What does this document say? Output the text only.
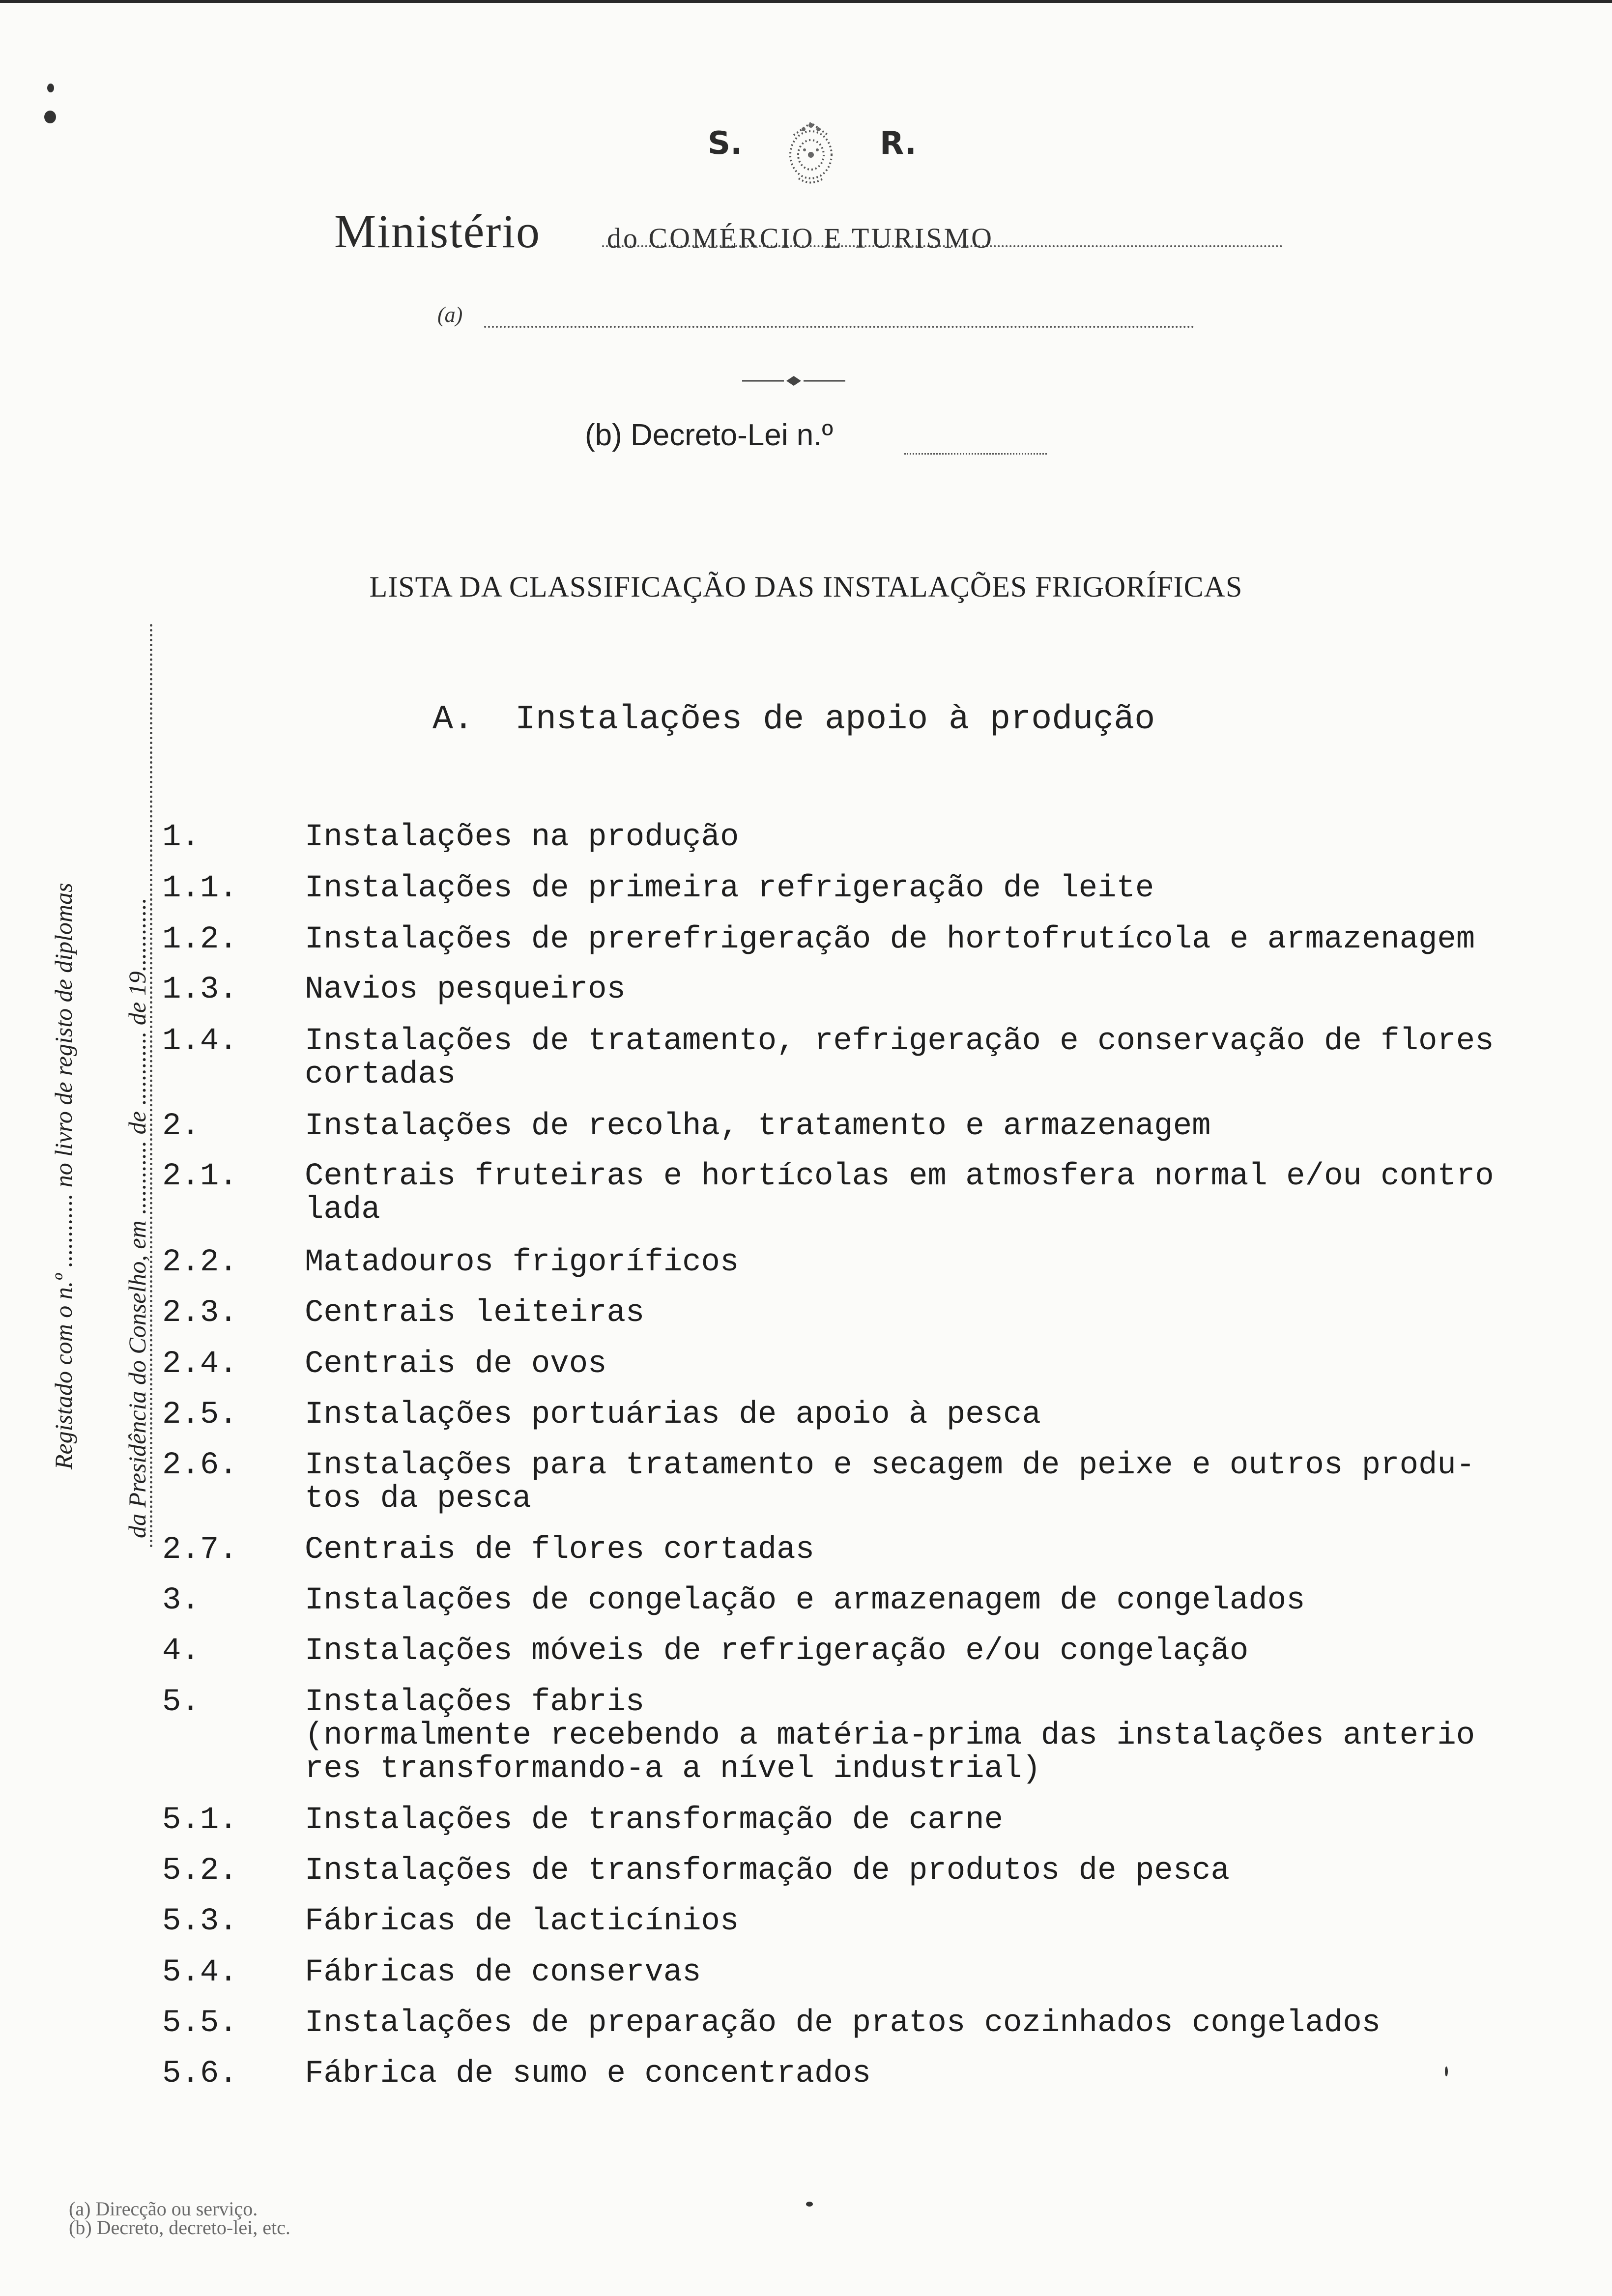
S.	R.
Ministério do COMÉRCIO E TURISMO
(a)
(b) Decreto-Lei n.º
LISTA DA CLASSIFICAÇÃO DAS INSTALAÇÕES FRIGORÍFICAS
A.  Instalações de apoio à produção
Registado com o n.º ............ no livro de registo de diplomas da Presidência do Conselho, em ............ de ............ de 19............
1.	Instalações na produção
1.1.	Instalações de primeira refrigeração de leite
1.2.	Instalações de prerefrigeração de hortofrutícola e armazenagem
1.3.	Navios pesqueiros
1.4.	Instalações de tratamento, refrigeração e conservação de flores
cortadas
2.	Instalações de recolha, tratamento e armazenagem
2.1.	Centrais fruteiras e hortícolas em atmosfera normal e/ou contro
lada
2.2.	Matadouros frigoríficos
2.3.	Centrais leiteiras
2.4.	Centrais de ovos
2.5.	Instalações portuárias de apoio à pesca
2.6.	Instalações para tratamento e secagem de peixe e outros produ-
tos da pesca
2.7.	Centrais de flores cortadas
3.	Instalações de congelação e armazenagem de congelados
4.	Instalações móveis de refrigeração e/ou congelação
5.	Instalações fabris
(normalmente recebendo a matéria-prima das instalações anterio
res transformando-a a nível industrial)
5.1.	Instalações de transformação de carne
5.2.	Instalações de transformação de produtos de pesca
5.3.	Fábricas de lacticínios
5.4.	Fábricas de conservas
5.5.	Instalações de preparação de pratos cozinhados congelados
5.6.	Fábrica de sumo e concentrados
(a) Direcção ou serviço.
(b) Decreto, decreto-lei, etc.
